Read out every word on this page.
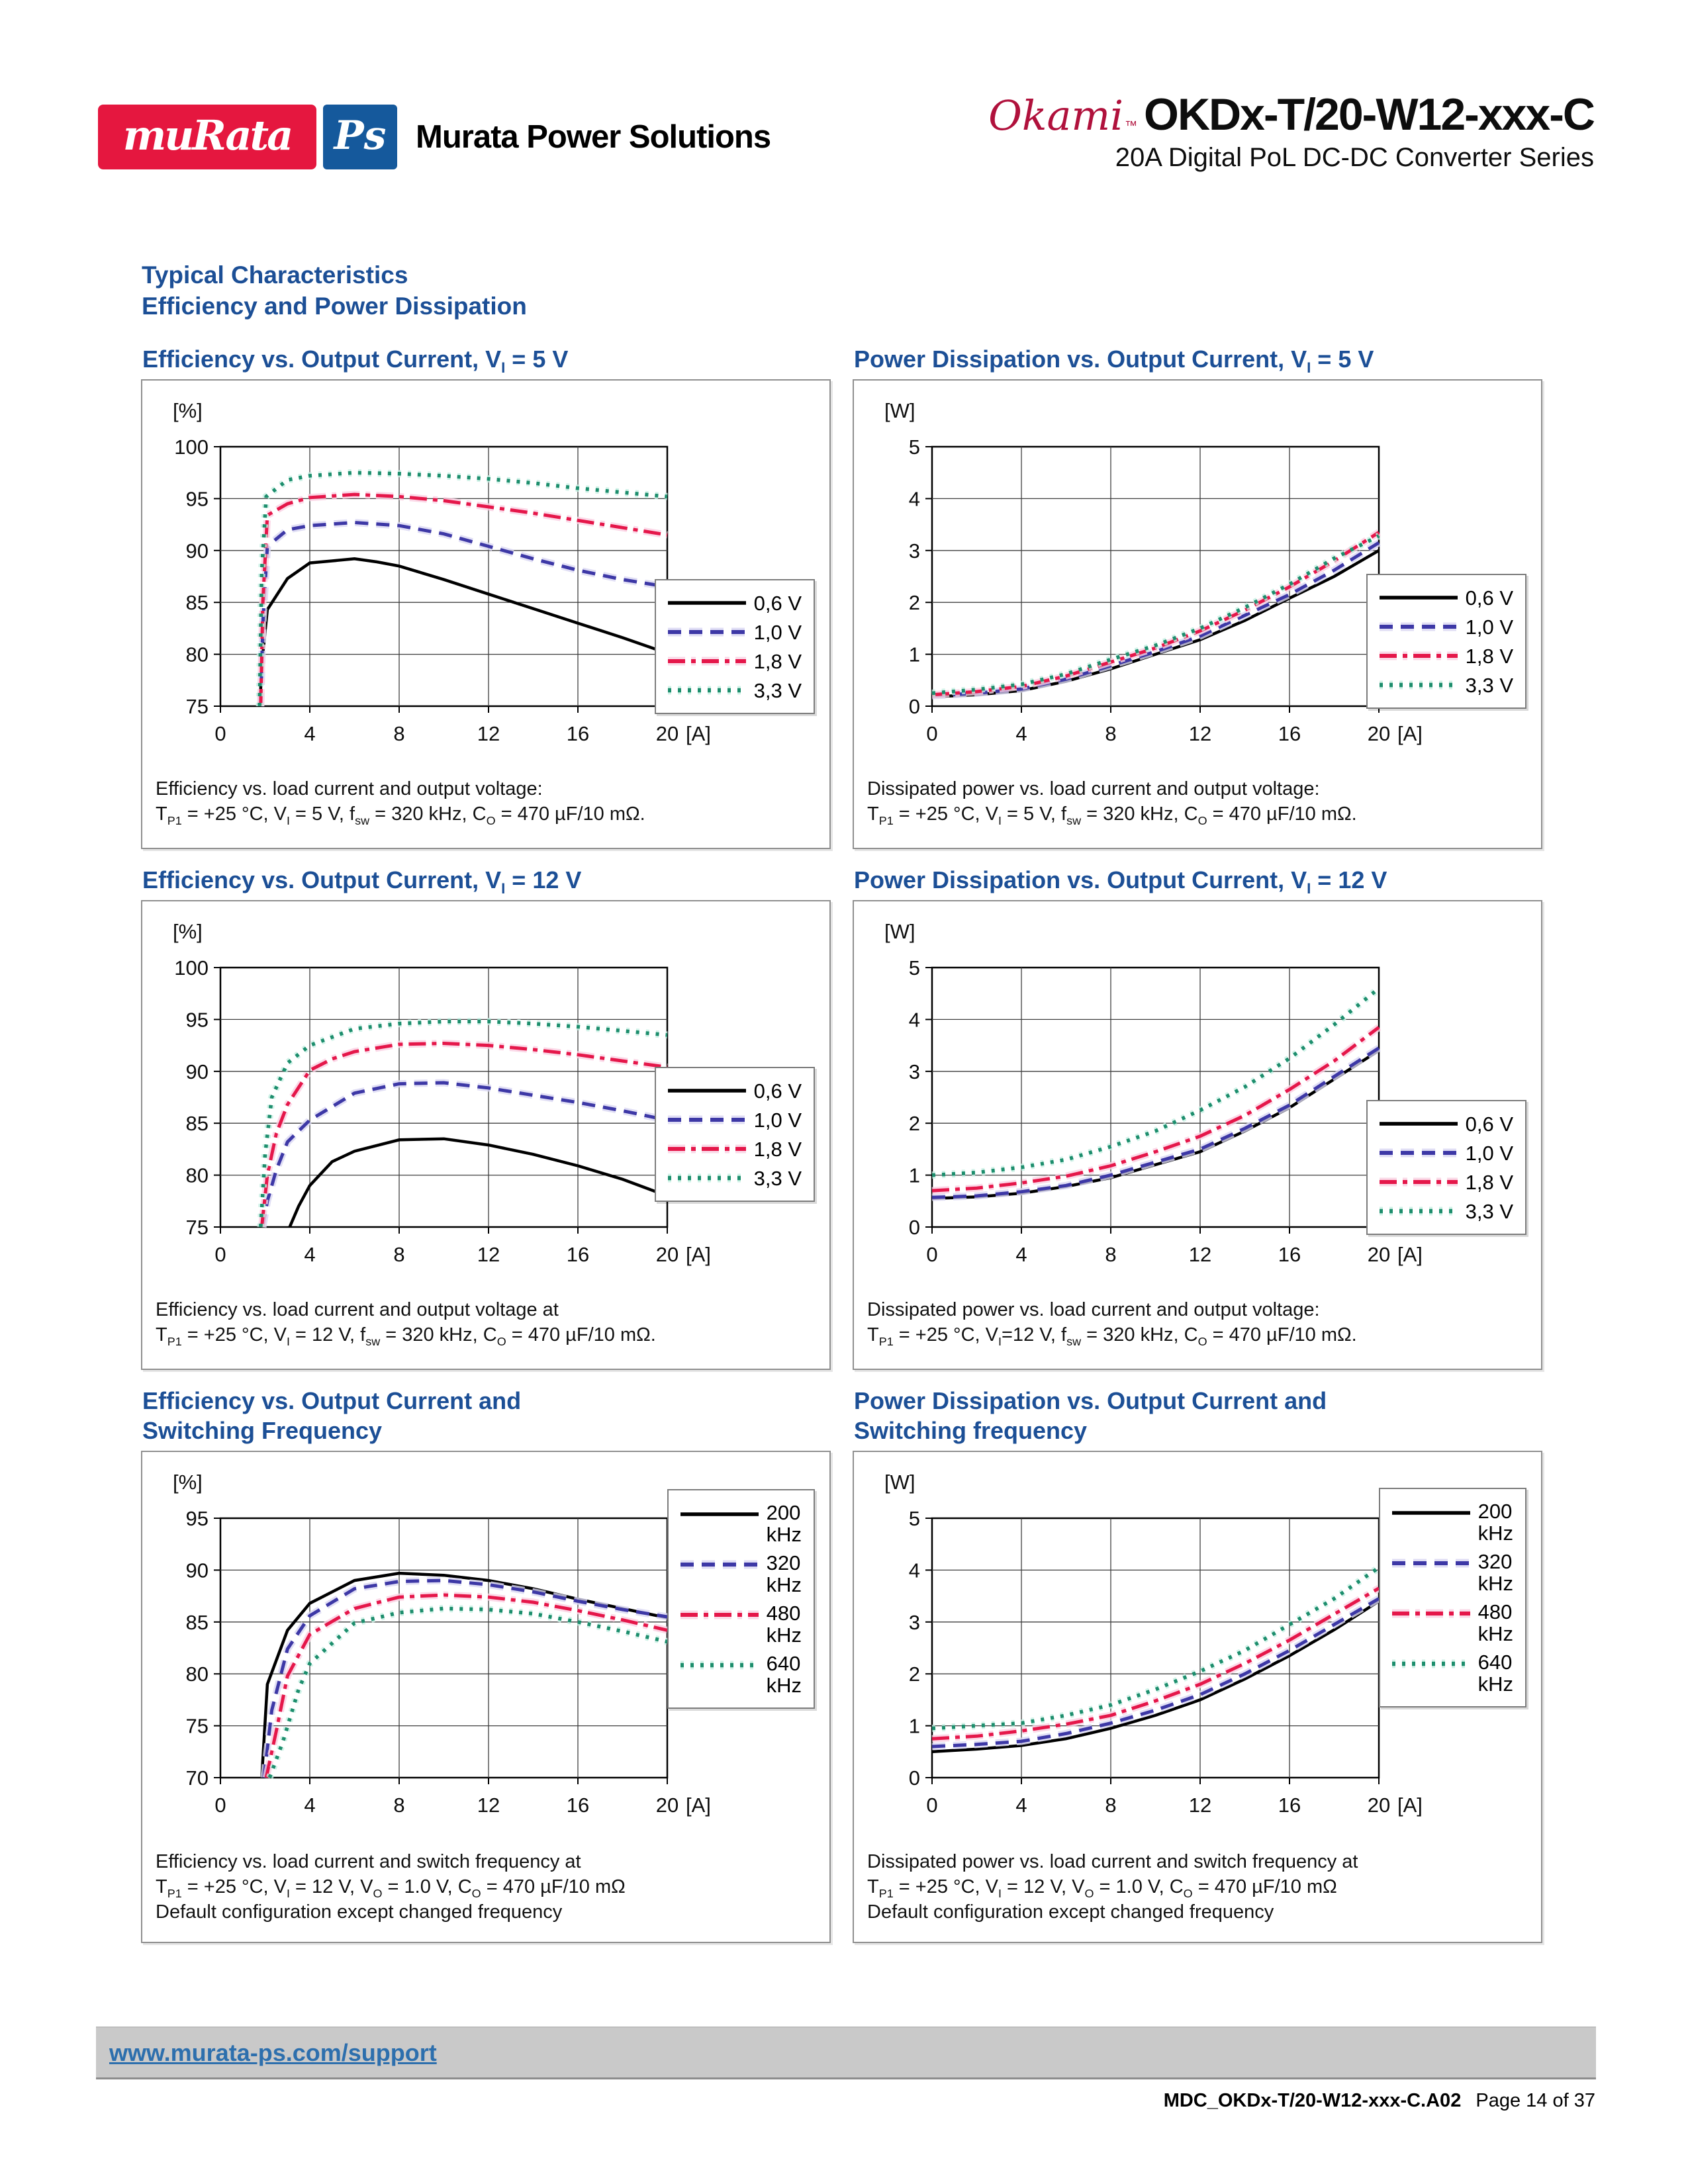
muRata Ps Murata Power Solutions	Okami ™ OKDx-T/20-W12-xxx-C
20A Digital PoL DC-DC Converter Series
Typical Characteristics
Efficiency and Power Dissipation
Efficiency vs. Output Current, $V_I = 5$ V
75
80
85
90
95
100
0	4	8	12	16	20
[%]
[A]
0,6 V
1,0 V
1,8 V
3,3 V
Efficiency vs. load current and output voltage:
$T_{P1} = +25$ °C, $V_I = 5$ V, $f_{sw} = 320$ kHz, $C_O = 470$ µF/10 mΩ.
Power Dissipation vs. Output Current, $V_I = 5$ V
0
1
2
3
4
5
0	4	8	12	16	20
[W]
[A]
0,6 V
1,0 V
1,8 V
3,3 V
Dissipated power vs. load current and output voltage:
$T_{P1} = +25$ °C, $V_I = 5$ V, $f_{sw} = 320$ kHz, $C_O = 470$ µF/10 mΩ.
Efficiency vs. Output Current, $V_I = 12$ V
75
80
85
90
95
100
0	4	8	12	16	20
[%]
[A]
0,6 V
1,0 V
1,8 V
3,3 V
Efficiency vs. load current and output voltage at
$T_{P1} = +25$ °C, $V_I = 12$ V, $f_{sw} = 320$ kHz, $C_O = 470$ µF/10 mΩ.
Power Dissipation vs. Output Current, $V_I = 12$ V
0
1
2
3
4
5
0	4	8	12	16	20
[W]
[A]
0,6 V
1,0 V
1,8 V
3,3 V
Dissipated power vs. load current and output voltage:
$T_{P1} = +25$ °C, $V_I=12$ V, $f_{sw} = 320$ kHz, $C_O = 470$ µF/10 mΩ.
Efficiency vs. Output Current and
Switching Frequency
70
75
80
85
90
95
0	4	8	12	16	20
[%]
[A]
200
kHz
320
kHz
480
kHz
640
kHz
Efficiency vs. load current and switch frequency at
$T_{P1} = +25$ °C, $V_I = 12$ V, $V_O = 1.0$ V, $C_O = 470$ µF/10 mΩ
Default configuration except changed frequency
Power Dissipation vs. Output Current and
Switching frequency
0
1
2
3
4
5
0	4	8	12	16	20
[W]
[A]
200
kHz
320
kHz
480
kHz
640
kHz
Dissipated power vs. load current and switch frequency at
$T_{P1} = +25$ °C, $V_I = 12$ V, $V_O = 1.0$ V, $C_O = 470$ µF/10 mΩ
Default configuration except changed frequency
www.murata-ps.com/support
MDC_OKDx-T/20-W12-xxx-C.A02 Page 14 of 37
